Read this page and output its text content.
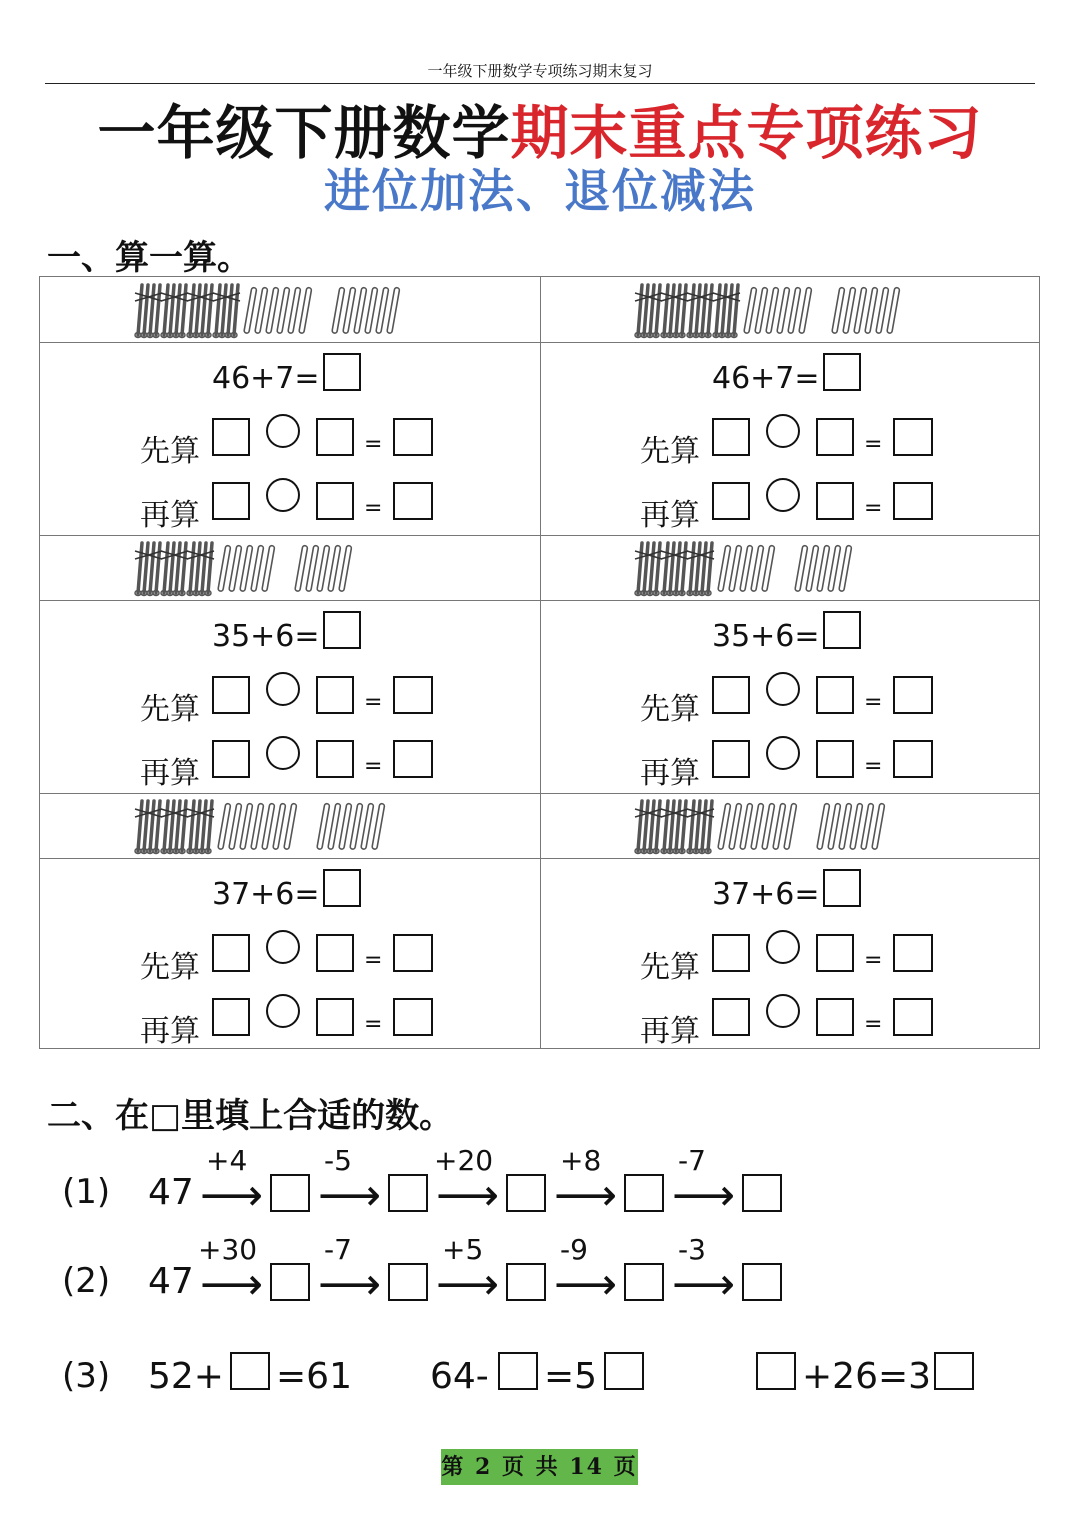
一年级下册数学专项练习期末复习
一年级下册数学期末重点专项练习
进位加法、退位减法
一、算一算。
46+7=
先算	=
再算	=
46+7=
先算	=
再算	=
35+6=
先算	=
再算	=
35+6=
先算	=
再算	=
37+6=
先算	=
再算	=
37+6=
先算	=
再算	=
二、在□里填上合适的数。
(1) 47
+4
⟶
-5
⟶
+20
⟶
+8
⟶
-7
⟶
(2) 47
+30
⟶
-7
⟶
+5
⟶
-9
⟶
-3
⟶
(3) 52+ =61 64- =5	+26=3
第 2 页 共 14 页
